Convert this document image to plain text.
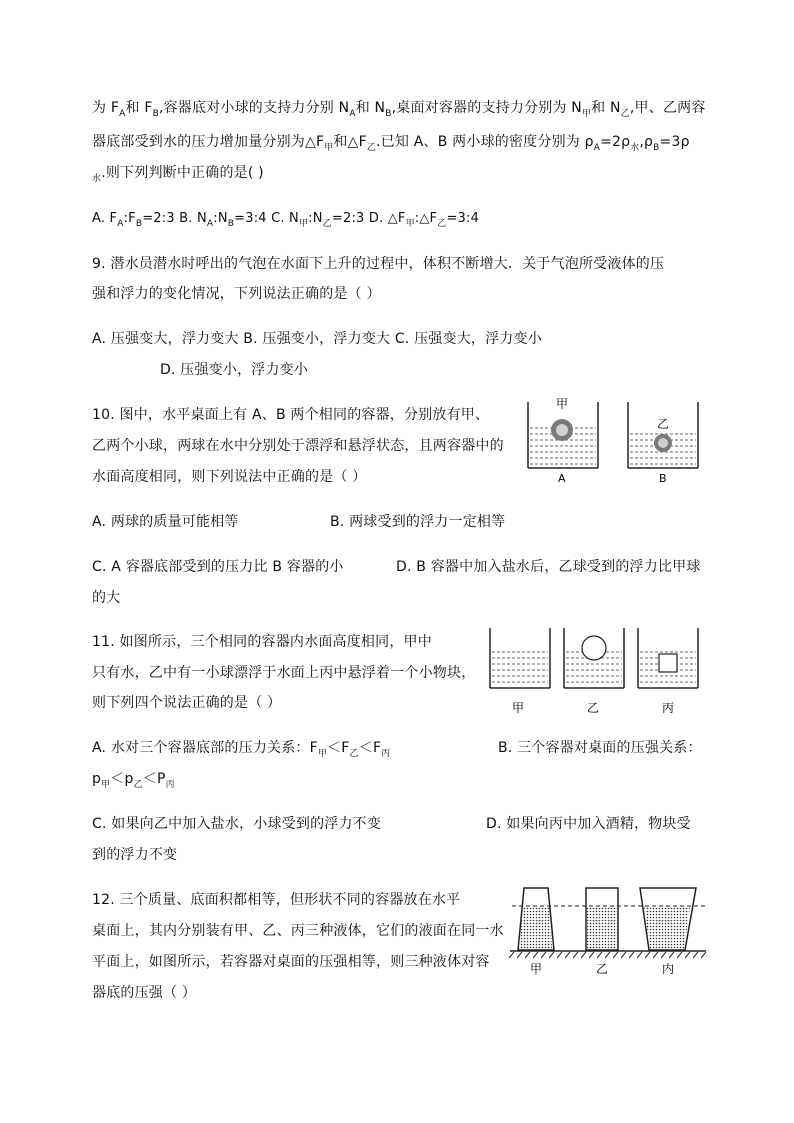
为 $F_A$和 $F_B$,容器底对小球的支持力分别 $N_A$和 $N_B$,桌面对容器的支持力分别为 $N_甲$和 $N_乙$,甲、乙两容
器底部受到水的压力增加量分别为$\triangle F_甲$和$\triangle F_乙$.已知 A、B 两小球的密度分别为 $\rho_A=2\rho_水,\rho_B=3\rho$
$_水$.则下列判断中正确的是( )
A. $F_A:F_B=2:3$ B. $N_A:N_B=3:4$ C. $N_甲:N_乙=2:3$ D. $\triangle F_甲:\triangle F_乙=3:4$
9. 潜水员潜水时呼出的气泡在水面下上升的过程中，体积不断增大．关于气泡所受液体的压
强和浮力的变化情况，下列说法正确的是（ ）
A. 压强变大，浮力变大 B. 压强变小，浮力变大 C. 压强变大，浮力变小
D. 压强变小，浮力变小
10. 图中，水平桌面上有 A、B 两个相同的容器，分别放有甲、
乙两个小球，两球在水中分别处于漂浮和悬浮状态，且两容器中的
水面高度相同，则下列说法中正确的是（ ）
甲
A
乙
B
A. 两球的质量可能相等	B. 两球受到的浮力一定相等
C. A 容器底部受到的压力比 B 容器的小	D. B 容器中加入盐水后，乙球受到的浮力比甲球
的大
11. 如图所示，三个相同的容器内水面高度相同，甲中
只有水，乙中有一小球漂浮于水面上丙中悬浮着一个小物块，
则下列四个说法正确的是（ ）	甲	乙	丙
A. 水对三个容器底部的压力关系：$F_甲<F_乙<F_丙$	B. 三个容器对桌面的压强关系：
$p_甲<p_乙<P_丙$
C. 如果向乙中加入盐水，小球受到的浮力不变	D. 如果向丙中加入酒精，物块受
到的浮力不变
12. 三个质量、底面积都相等，但形状不同的容器放在水平
桌面上，其内分别装有甲、乙、丙三种液体，它们的液面在同一水
平面上，如图所示，若容器对桌面的压强相等，则三种液体对容
器底的压强（ ）
甲	乙	内
